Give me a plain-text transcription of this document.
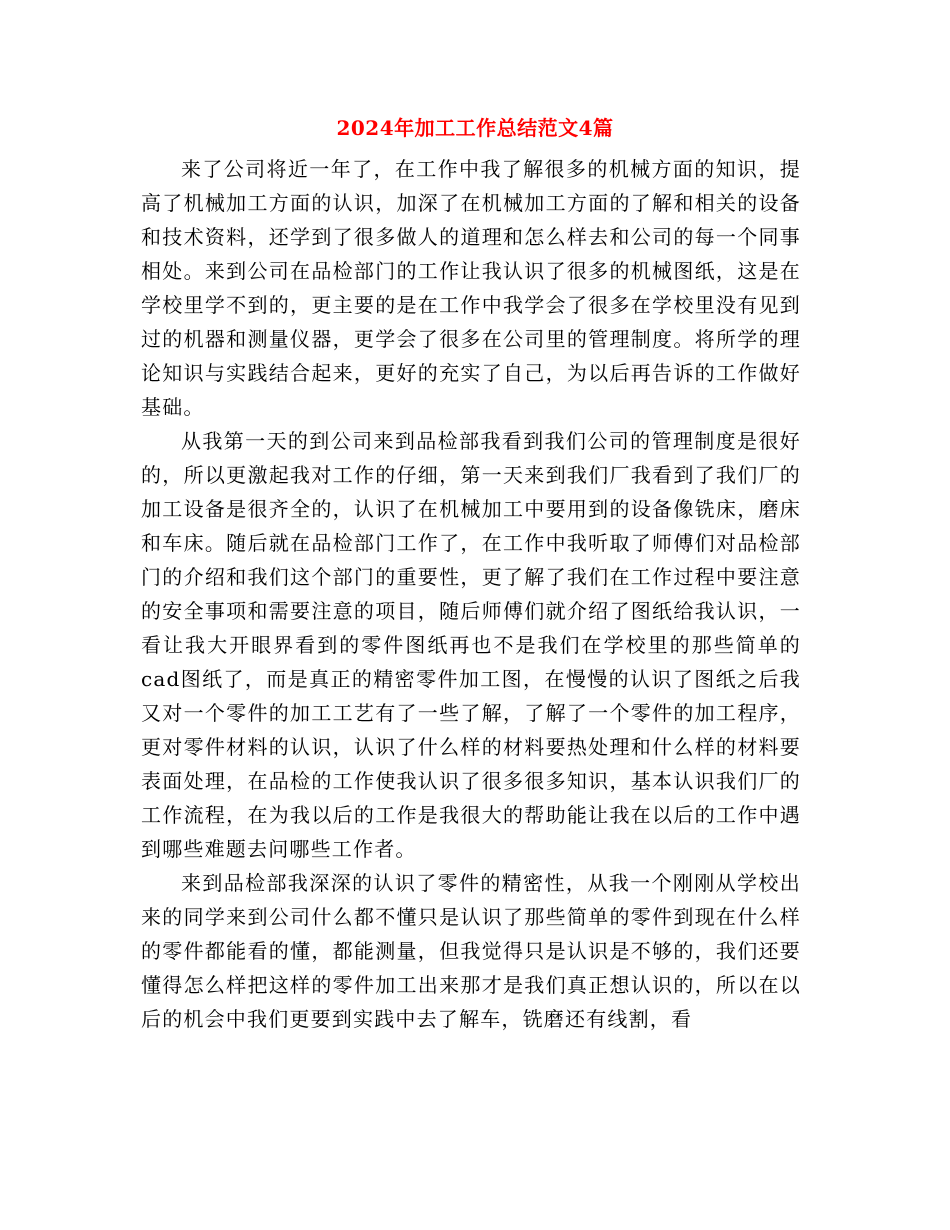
2024年加工工作总结范文4篇

来了公司将近一年了，在工作中我了解很多的机械方面的知识，提高了机械加工方面的认识，加深了在机械加工方面的了解和相关的设备和技术资料，还学到了很多做人的道理和怎么样去和公司的每一个同事相处。来到公司在品检部门的工作让我认识了很多的机械图纸，这是在学校里学不到的，更主要的是在工作中我学会了很多在学校里没有见到过的机器和测量仪器，更学会了很多在公司里的管理制度。将所学的理论知识与实践结合起来，更好的充实了自己，为以后再告诉的工作做好基础。

从我第一天的到公司来到品检部我看到我们公司的管理制度是很好的，所以更激起我对工作的仔细，第一天来到我们厂我看到了我们厂的加工设备是很齐全的，认识了在机械加工中要用到的设备像铣床，磨床和车床。随后就在品检部门工作了，在工作中我听取了师傅们对品检部门的介绍和我们这个部门的重要性，更了解了我们在工作过程中要注意的安全事项和需要注意的项目，随后师傅们就介绍了图纸给我认识，一看让我大开眼界看到的零件图纸再也不是我们在学校里的那些简单的cad图纸了，而是真正的精密零件加工图，在慢慢的认识了图纸之后我又对一个零件的加工工艺有了一些了解，了解了一个零件的加工程序，更对零件材料的认识，认识了什么样的材料要热处理和什么样的材料要表面处理，在品检的工作使我认识了很多很多知识，基本认识我们厂的工作流程，在为我以后的工作是我很大的帮助能让我在以后的工作中遇到哪些难题去问哪些工作者。

来到品检部我深深的认识了零件的精密性，从我一个刚刚从学校出来的同学来到公司什么都不懂只是认识了那些简单的零件到现在什么样的零件都能看的懂，都能测量，但我觉得只是认识是不够的，我们还要懂得怎么样把这样的零件加工出来那才是我们真正想认识的，所以在以后的机会中我们更要到实践中去了解车，铣磨还有线割，看
